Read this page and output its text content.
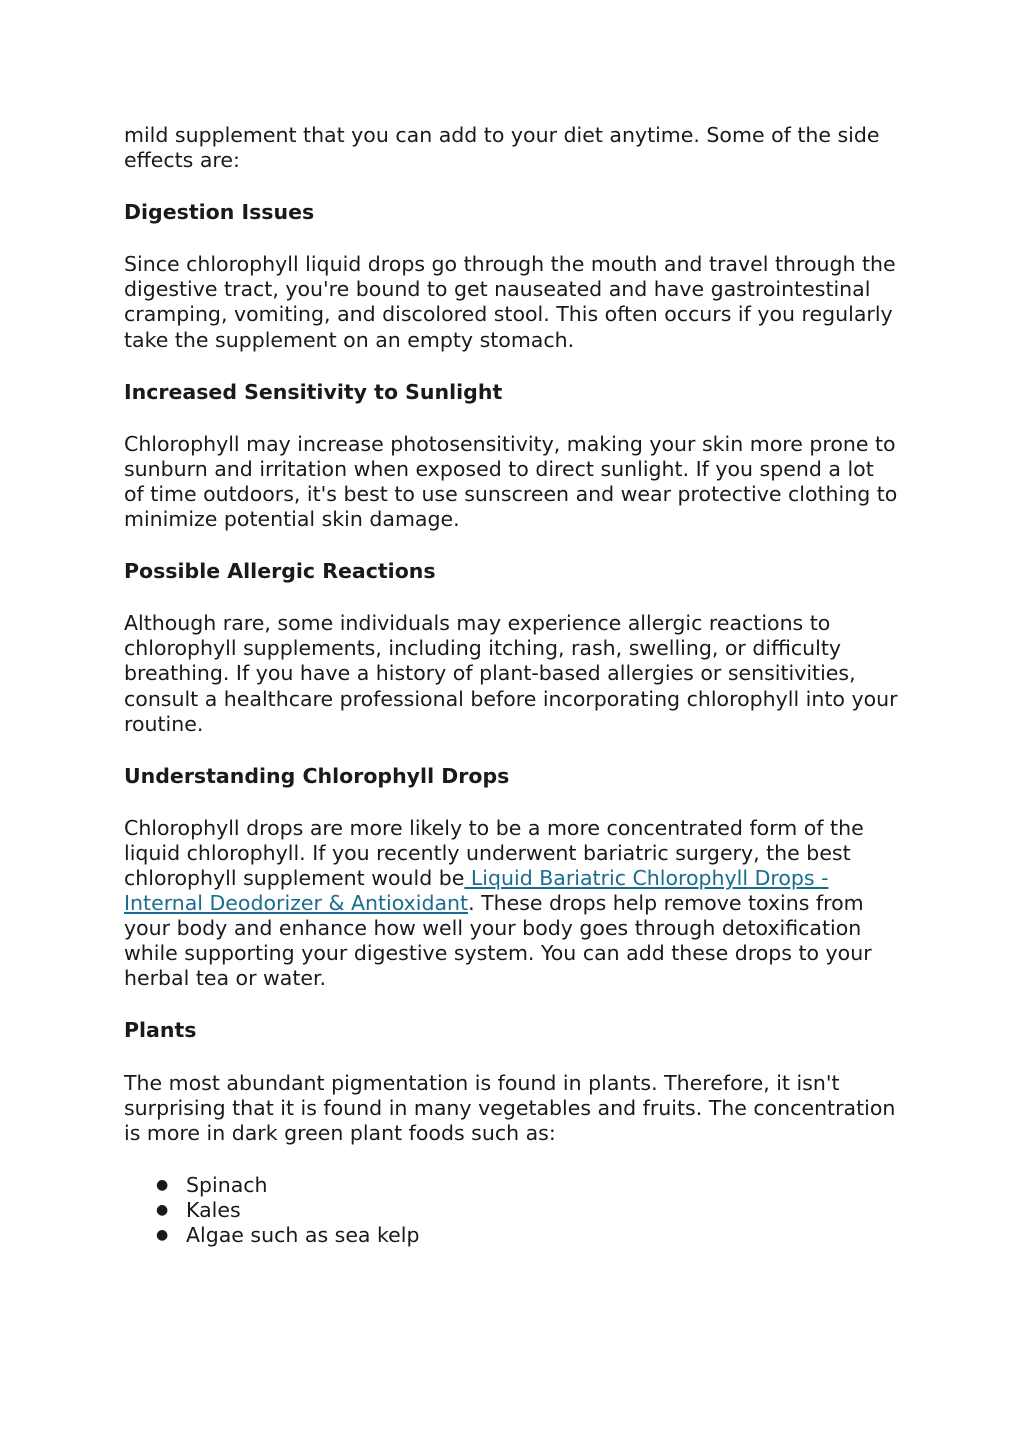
mild supplement that you can add to your diet anytime. Some of the side effects are:

Digestion Issues

Since chlorophyll liquid drops go through the mouth and travel through the digestive tract, you're bound to get nauseated and have gastrointestinal cramping, vomiting, and discolored stool. This often occurs if you regularly take the supplement on an empty stomach.

Increased Sensitivity to Sunlight

Chlorophyll may increase photosensitivity, making your skin more prone to sunburn and irritation when exposed to direct sunlight. If you spend a lot of time outdoors, it's best to use sunscreen and wear protective clothing to minimize potential skin damage.

Possible Allergic Reactions

Although rare, some individuals may experience allergic reactions to chlorophyll supplements, including itching, rash, swelling, or difficulty breathing. If you have a history of plant-based allergies or sensitivities, consult a healthcare professional before incorporating chlorophyll into your routine.

Understanding Chlorophyll Drops

Chlorophyll drops are more likely to be a more concentrated form of the liquid chlorophyll. If you recently underwent bariatric surgery, the best chlorophyll supplement would be Liquid Bariatric Chlorophyll Drops - Internal Deodorizer & Antioxidant. These drops help remove toxins from your body and enhance how well your body goes through detoxification while supporting your digestive system. You can add these drops to your herbal tea or water.

Plants

The most abundant pigmentation is found in plants. Therefore, it isn't surprising that it is found in many vegetables and fruits. The concentration is more in dark green plant foods such as:

● Spinach
● Kales
● Algae such as sea kelp
